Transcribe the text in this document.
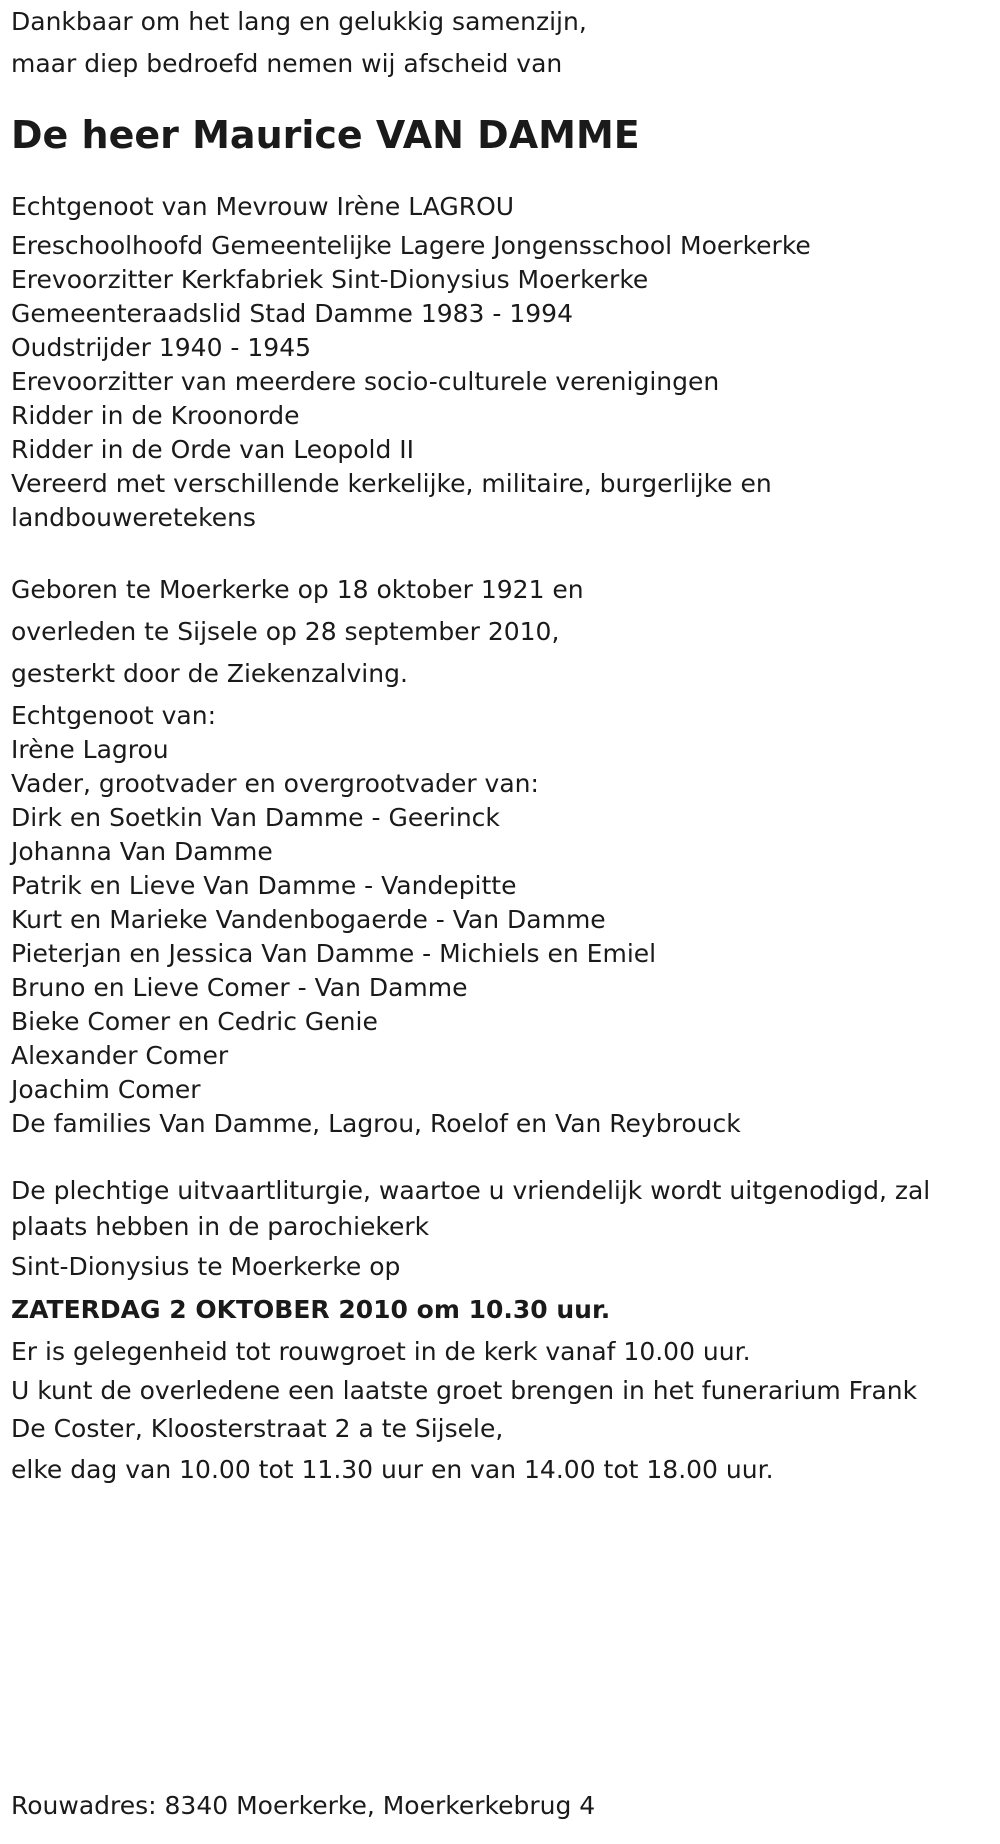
Dankbaar om het lang en gelukkig samenzijn,

maar diep bedroefd nemen wij afscheid van

De heer Maurice VAN DAMME

Echtgenoot van Mevrouw Irène LAGROU

Ereschoolhoofd Gemeentelijke Lagere Jongensschool Moerkerke

Erevoorzitter Kerkfabriek Sint-Dionysius Moerkerke

Gemeenteraadslid Stad Damme 1983 - 1994

Oudstrijder 1940 - 1945

Erevoorzitter van meerdere socio-culturele verenigingen

Ridder in de Kroonorde

Ridder in de Orde van Leopold II

Vereerd met verschillende kerkelijke, militaire, burgerlijke en

landbouweretekens

Geboren te Moerkerke op 18 oktober 1921 en

overleden te Sijsele op 28 september 2010,

gesterkt door de Ziekenzalving.

Echtgenoot van:

Irène Lagrou

Vader, grootvader en overgrootvader van:

Dirk en Soetkin Van Damme - Geerinck

Johanna Van Damme

Patrik en Lieve Van Damme - Vandepitte

Kurt en Marieke Vandenbogaerde - Van Damme

Pieterjan en Jessica Van Damme - Michiels en Emiel

Bruno en Lieve Comer - Van Damme

Bieke Comer en Cedric Genie

Alexander Comer

Joachim Comer

De families Van Damme, Lagrou, Roelof en Van Reybrouck

De plechtige uitvaartliturgie, waartoe u vriendelijk wordt uitgenodigd, zal

plaats hebben in de parochiekerk

Sint-Dionysius te Moerkerke op

ZATERDAG 2 OKTOBER 2010 om 10.30 uur.

Er is gelegenheid tot rouwgroet in de kerk vanaf 10.00 uur.

U kunt de overledene een laatste groet brengen in het funerarium Frank

De Coster, Kloosterstraat 2 a te Sijsele,

elke dag van 10.00 tot 11.30 uur en van 14.00 tot 18.00 uur.

Rouwadres: 8340 Moerkerke, Moerkerkebrug 4
